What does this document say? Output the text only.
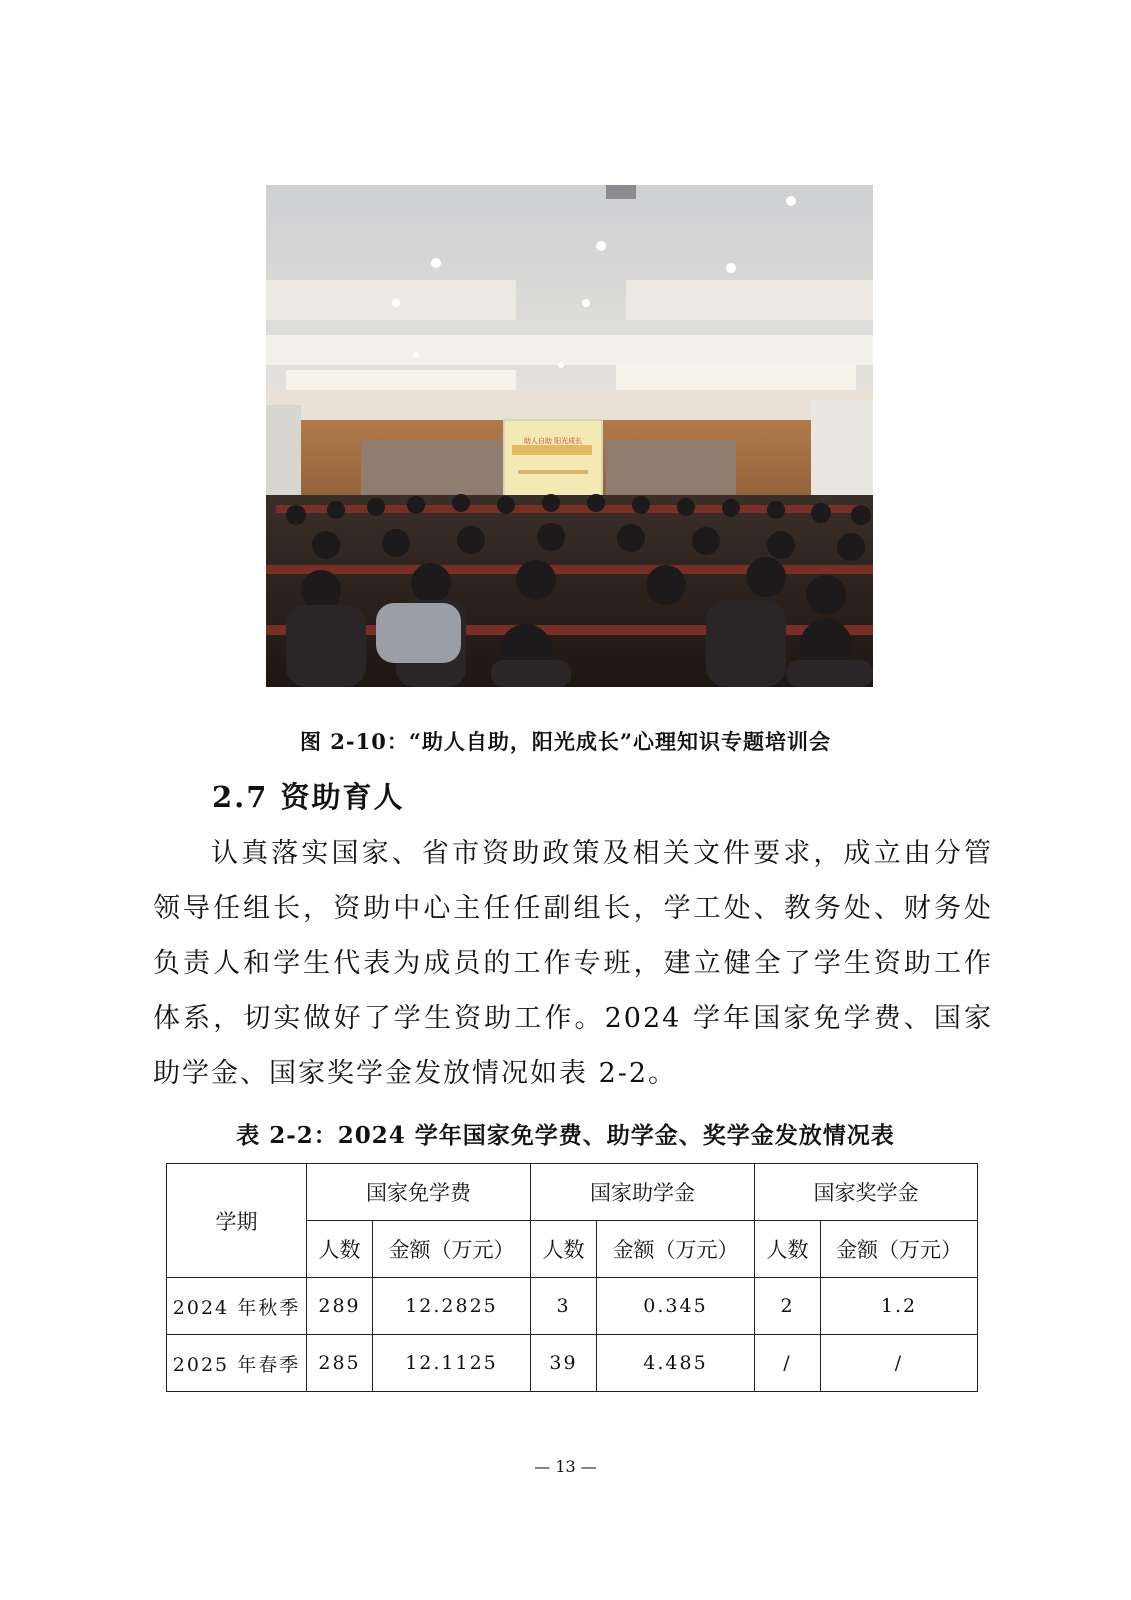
助人自助 阳光成长
图 2-10：“助人自助，阳光成长”心理知识专题培训会
2.7 资助育人

认真落实国家、省市资助政策及相关文件要求，成立由分管领导任组长，资助中心主任任副组长，学工处、教务处、财务处负责人和学生代表为成员的工作专班，建立健全了学生资助工作体系，切实做好了学生资助工作。2024 学年国家免学费、国家助学金、国家奖学金发放情况如表 2-2。

表 2-2：2024 学年国家免学费、助学金、奖学金发放情况表
学期	国家免学费		国家助学金		国家奖学金	
	人数	金额（万元）	人数	金额（万元）	人数	金额（万元）
2024 年秋季	289	12.2825	3	0.345	2	1.2
2025 年春季	285	12.1125	39	4.485	/	/
— 13 —
